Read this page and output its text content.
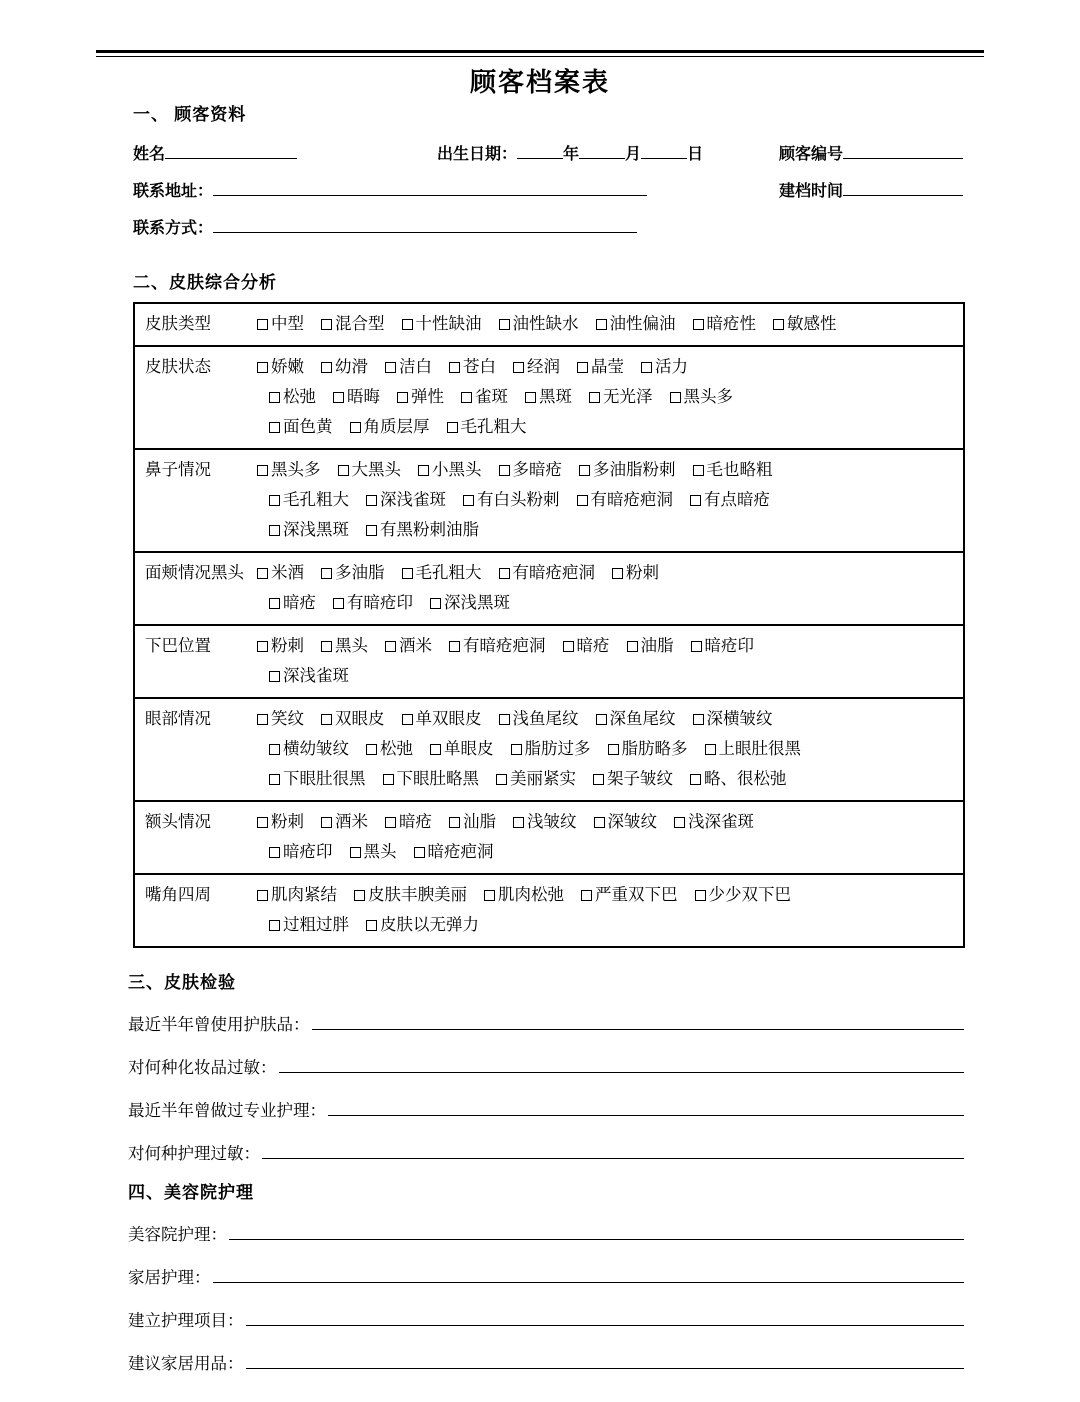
顾客档案表
一、 顾客资料
姓名	出生日期：	年	月	日	顾客编号
联系地址：	建档时间
联系方式：
二、皮肤综合分析
皮肤类型	中型 混合型 十性缺油 油性缺水 油性偏油 暗疮性 敏感性

皮肤状态	娇嫩 幼滑 洁白 苍白 经润 晶莹 活力
松弛 晤晦 弹性 雀斑 黑斑 无光泽 黑头多
面色黄 角质层厚 毛孔粗大

鼻子情况	黑头多 大黑头 小黑头 多暗疮 多油脂粉刺 毛也略粗
毛孔粗大 深浅雀斑 有白头粉刺 有暗疮疤洞 有点暗疮
深浅黑斑 有黑粉刺油脂

面颊情况黑头	米酒 多油脂 毛孔粗大 有暗疮疤洞 粉刺
暗疮 有暗疮印 深浅黑斑

下巴位置	粉刺 黑头 酒米 有暗疮疤洞 暗疮 油脂 暗疮印
深浅雀斑

眼部情况	笑纹 双眼皮 单双眼皮 浅鱼尾纹 深鱼尾纹 深横皱纹
横幼皱纹 松弛 单眼皮 脂肪过多 脂肪略多 上眼肚很黑
下眼肚很黑 下眼肚略黑 美丽紧实 架子皱纹 略、很松弛

额头情况	粉刺 酒米 暗疮 汕脂 浅皱纹 深皱纹 浅深雀斑
暗疮印 黑头 暗疮疤洞

嘴角四周	肌肉紧结 皮肤丰腴美丽 肌肉松弛 严重双下巴 少少双下巴
过粗过胖 皮肤以无弹力
三、皮肤检验
最近半年曾使用护肤品：
对何种化妆品过敏：
最近半年曾做过专业护理：
对何种护理过敏：
四、美容院护理
美容院护理：
家居护理：
建立护理项目：
建议家居用品：
